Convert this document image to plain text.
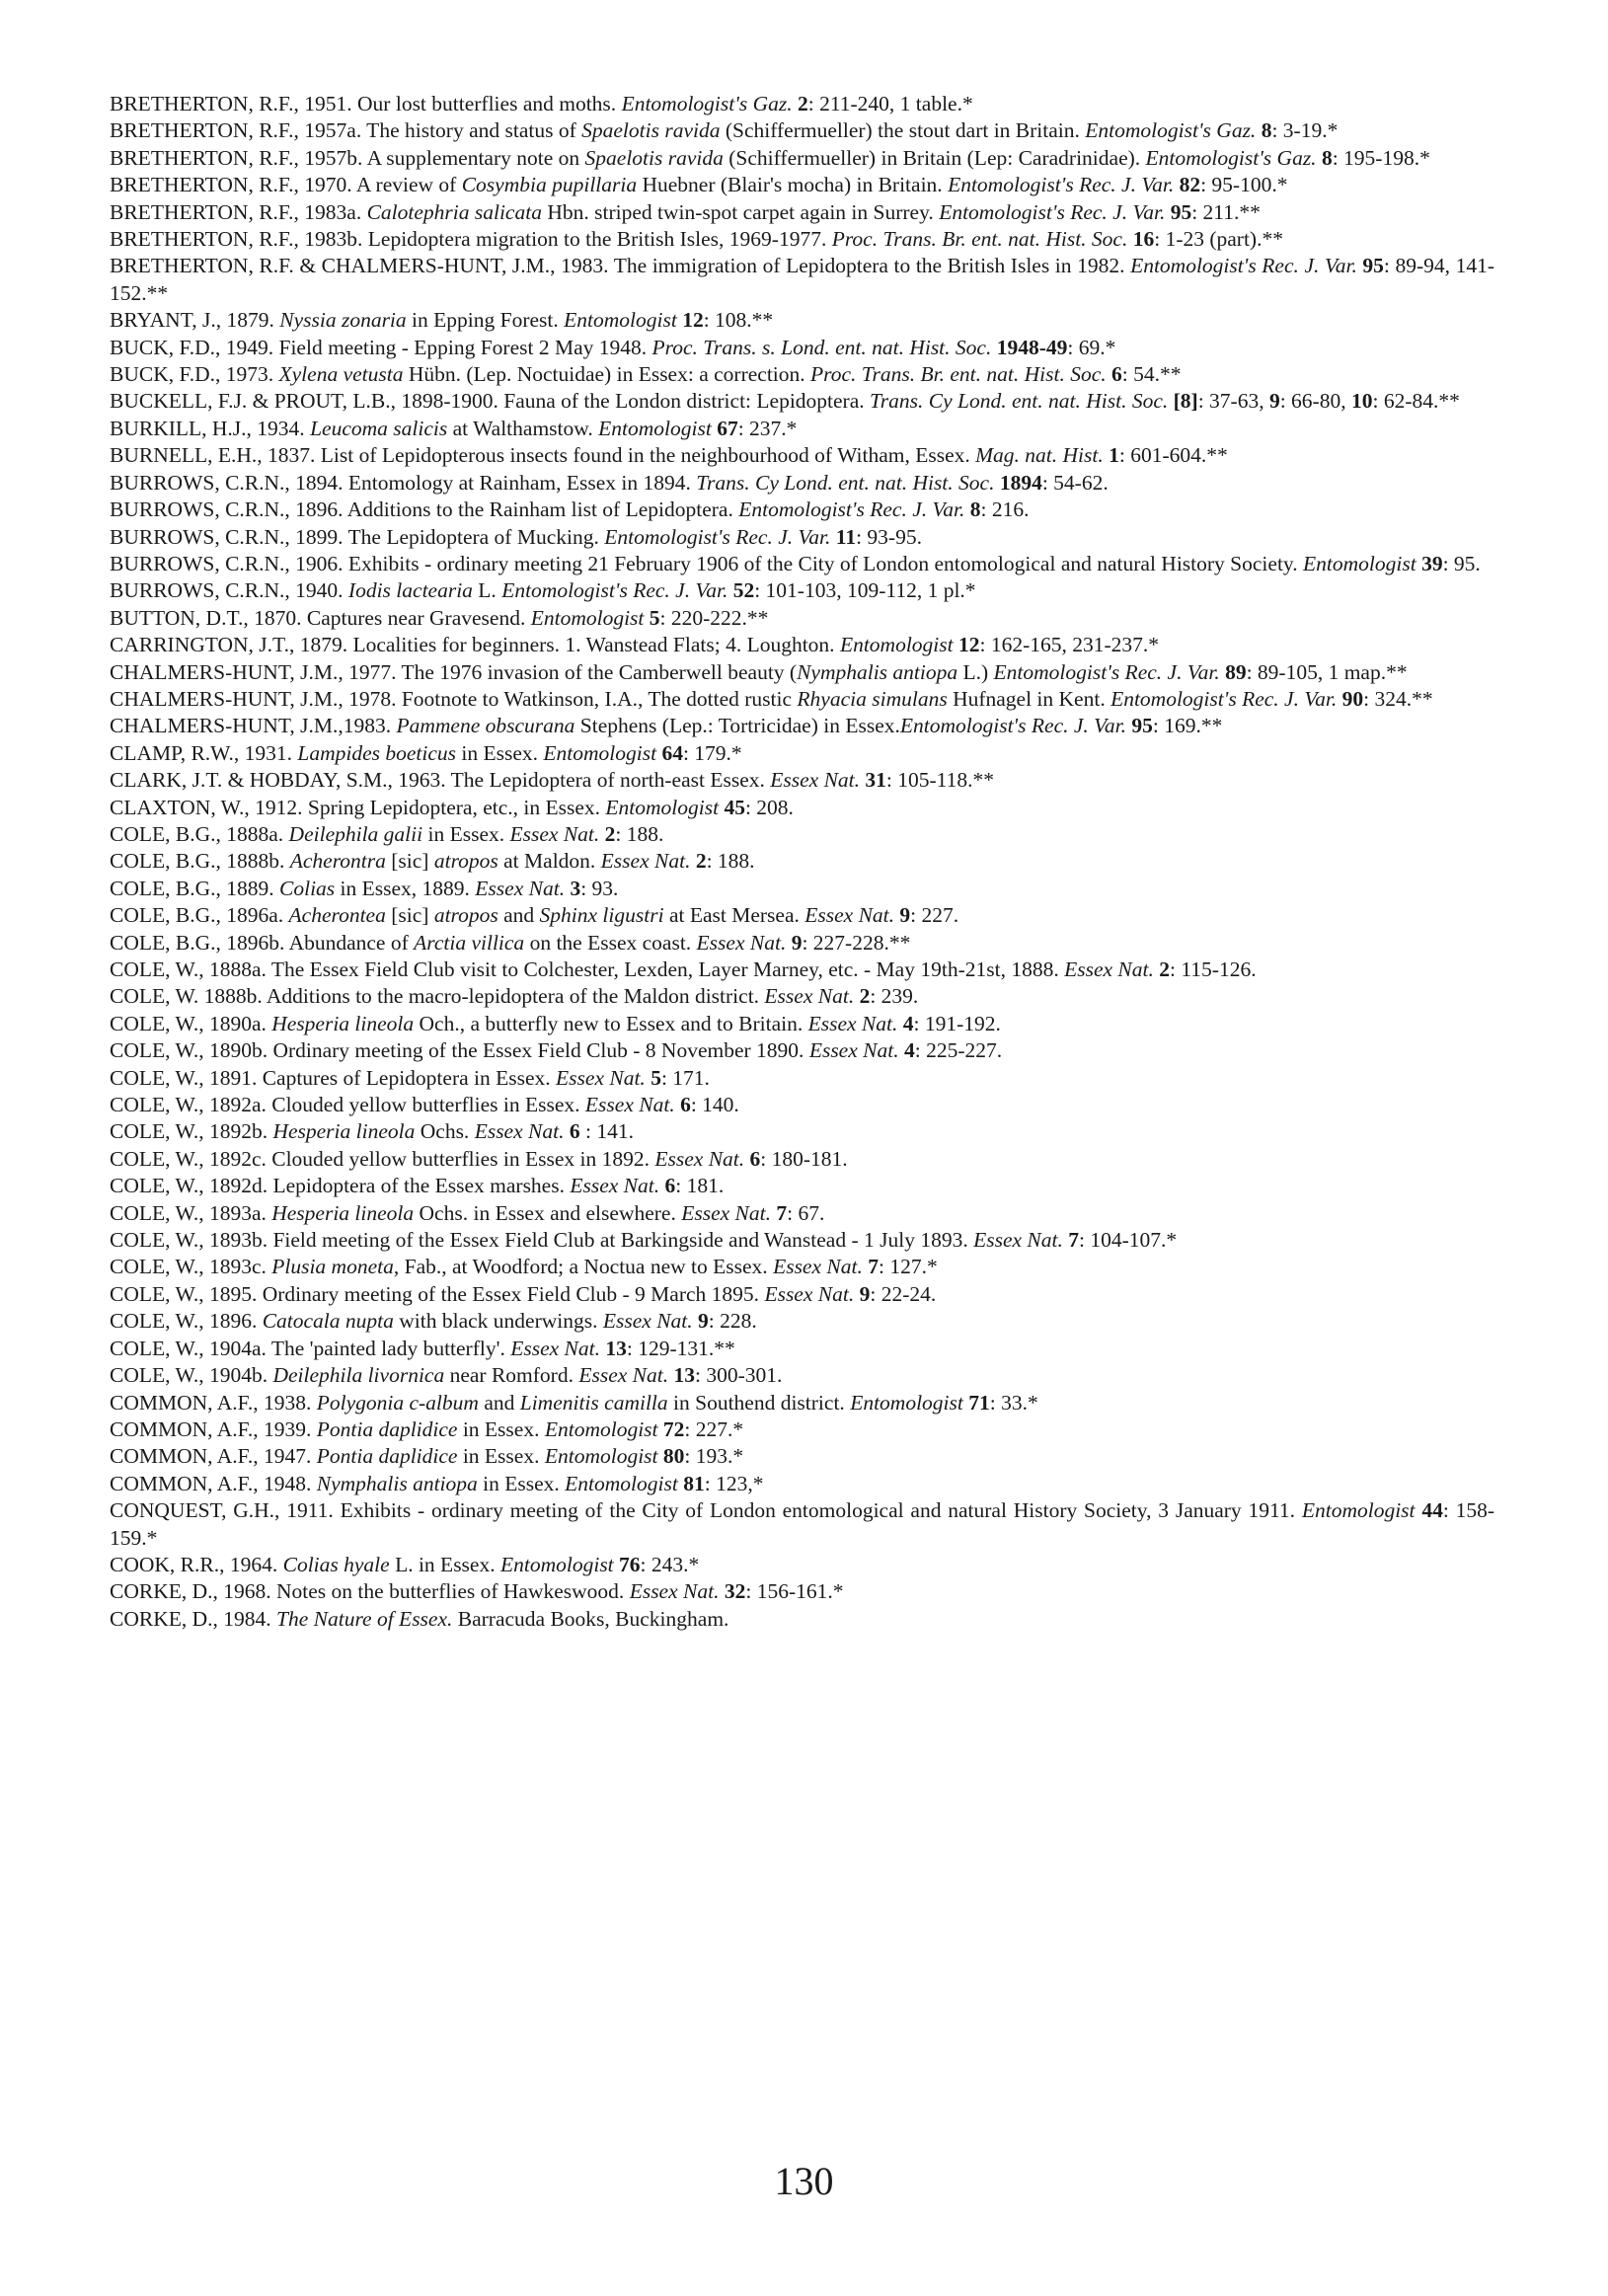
BRETHERTON, R.F., 1951. Our lost butterflies and moths. Entomologist's Gaz. 2: 211-240, 1 table.*

BRETHERTON, R.F., 1957a. The history and status of Spaelotis ravida (Schiffermueller) the stout dart in Britain. Entomologist's Gaz. 8: 3-19.*

BRETHERTON, R.F., 1957b. A supplementary note on Spaelotis ravida (Schiffermueller) in Britain (Lep: Caradrinidae). Entomologist's Gaz. 8: 195-198.*

BRETHERTON, R.F., 1970. A review of Cosymbia pupillaria Huebner (Blair's mocha) in Britain. Entomologist's Rec. J. Var. 82: 95-100.*

BRETHERTON, R.F., 1983a. Calotephria salicata Hbn. striped twin-spot carpet again in Surrey. Entomologist's Rec. J. Var. 95: 211.**

BRETHERTON, R.F., 1983b. Lepidoptera migration to the British Isles, 1969-1977. Proc. Trans. Br. ent. nat. Hist. Soc. 16: 1-23 (part).**

BRETHERTON, R.F. & CHALMERS-HUNT, J.M., 1983. The immigration of Lepidoptera to the British Isles in 1982. Entomologist's Rec. J. Var. 95: 89-94, 141-152.**

BRYANT, J., 1879. Nyssia zonaria in Epping Forest. Entomologist 12: 108.**

BUCK, F.D., 1949. Field meeting - Epping Forest 2 May 1948. Proc. Trans. s. Lond. ent. nat. Hist. Soc. 1948-49: 69.*

BUCK, F.D., 1973. Xylena vetusta Hübn. (Lep. Noctuidae) in Essex: a correction. Proc. Trans. Br. ent. nat. Hist. Soc. 6: 54.**

BUCKELL, F.J. & PROUT, L.B., 1898-1900. Fauna of the London district: Lepidoptera. Trans. Cy Lond. ent. nat. Hist. Soc. [8]: 37-63, 9: 66-80, 10: 62-84.**

BURKILL, H.J., 1934. Leucoma salicis at Walthamstow. Entomologist 67: 237.*

BURNELL, E.H., 1837. List of Lepidopterous insects found in the neighbourhood of Witham, Essex. Mag. nat. Hist. 1: 601-604.**

BURROWS, C.R.N., 1894. Entomology at Rainham, Essex in 1894. Trans. Cy Lond. ent. nat. Hist. Soc. 1894: 54-62.

BURROWS, C.R.N., 1896. Additions to the Rainham list of Lepidoptera. Entomologist's Rec. J. Var. 8: 216.

BURROWS, C.R.N., 1899. The Lepidoptera of Mucking. Entomologist's Rec. J. Var. 11: 93-95.

BURROWS, C.R.N., 1906. Exhibits - ordinary meeting 21 February 1906 of the City of London entomological and natural History Society. Entomologist 39: 95.

BURROWS, C.R.N., 1940. Iodis lactearia L. Entomologist's Rec. J. Var. 52: 101-103, 109-112, 1 pl.*

BUTTON, D.T., 1870. Captures near Gravesend. Entomologist 5: 220-222.**

CARRINGTON, J.T., 1879. Localities for beginners. 1. Wanstead Flats; 4. Loughton. Entomologist 12: 162-165, 231-237.*

CHALMERS-HUNT, J.M., 1977. The 1976 invasion of the Camberwell beauty (Nymphalis antiopa L.) Entomologist's Rec. J. Var. 89: 89-105, 1 map.**

CHALMERS-HUNT, J.M., 1978. Footnote to Watkinson, I.A., The dotted rustic Rhyacia simulans Hufnagel in Kent. Entomologist's Rec. J. Var. 90: 324.**

CHALMERS-HUNT, J.M.,1983. Pammene obscurana Stephens (Lep.: Tortricidae) in Essex.Entomologist's Rec. J. Var. 95: 169.**

CLAMP, R.W., 1931. Lampides boeticus in Essex. Entomologist 64: 179.*

CLARK, J.T. & HOBDAY, S.M., 1963. The Lepidoptera of north-east Essex. Essex Nat. 31: 105-118.**

CLAXTON, W., 1912. Spring Lepidoptera, etc., in Essex. Entomologist 45: 208.

COLE, B.G., 1888a. Deilephila galii in Essex. Essex Nat. 2: 188.

COLE, B.G., 1888b. Acherontra [sic] atropos at Maldon. Essex Nat. 2: 188.

COLE, B.G., 1889. Colias in Essex, 1889. Essex Nat. 3: 93.

COLE, B.G., 1896a. Acherontea [sic] atropos and Sphinx ligustri at East Mersea. Essex Nat. 9: 227.

COLE, B.G., 1896b. Abundance of Arctia villica on the Essex coast. Essex Nat. 9: 227-228.**

COLE, W., 1888a. The Essex Field Club visit to Colchester, Lexden, Layer Marney, etc. - May 19th-21st, 1888. Essex Nat. 2: 115-126.

COLE, W. 1888b. Additions to the macro-lepidoptera of the Maldon district. Essex Nat. 2: 239.

COLE, W., 1890a. Hesperia lineola Och., a butterfly new to Essex and to Britain. Essex Nat. 4: 191-192.

COLE, W., 1890b. Ordinary meeting of the Essex Field Club - 8 November 1890. Essex Nat. 4: 225-227.

COLE, W., 1891. Captures of Lepidoptera in Essex. Essex Nat. 5: 171.

COLE, W., 1892a. Clouded yellow butterflies in Essex. Essex Nat. 6: 140.

COLE, W., 1892b. Hesperia lineola Ochs. Essex Nat. 6 : 141.

COLE, W., 1892c. Clouded yellow butterflies in Essex in 1892. Essex Nat. 6: 180-181.

COLE, W., 1892d. Lepidoptera of the Essex marshes. Essex Nat. 6: 181.

COLE, W., 1893a. Hesperia lineola Ochs. in Essex and elsewhere. Essex Nat. 7: 67.

COLE, W., 1893b. Field meeting of the Essex Field Club at Barkingside and Wanstead - 1 July 1893. Essex Nat. 7: 104-107.*

COLE, W., 1893c. Plusia moneta, Fab., at Woodford; a Noctua new to Essex. Essex Nat. 7: 127.*

COLE, W., 1895. Ordinary meeting of the Essex Field Club - 9 March 1895. Essex Nat. 9: 22-24.

COLE, W., 1896. Catocala nupta with black underwings. Essex Nat. 9: 228.

COLE, W., 1904a. The 'painted lady butterfly'. Essex Nat. 13: 129-131.**

COLE, W., 1904b. Deilephila livornica near Romford. Essex Nat. 13: 300-301.

COMMON, A.F., 1938. Polygonia c-album and Limenitis camilla in Southend district. Entomologist 71: 33.*

COMMON, A.F., 1939. Pontia daplidice in Essex. Entomologist 72: 227.*

COMMON, A.F., 1947. Pontia daplidice in Essex. Entomologist 80: 193.*

COMMON, A.F., 1948. Nymphalis antiopa in Essex. Entomologist 81: 123,*

CONQUEST, G.H., 1911. Exhibits - ordinary meeting of the City of London entomological and natural History Society, 3 January 1911. Entomologist 44: 158-159.*

COOK, R.R., 1964. Colias hyale L. in Essex. Entomologist 76: 243.*

CORKE, D., 1968. Notes on the butterflies of Hawkeswood. Essex Nat. 32: 156-161.*

CORKE, D., 1984. The Nature of Essex. Barracuda Books, Buckingham.

130
